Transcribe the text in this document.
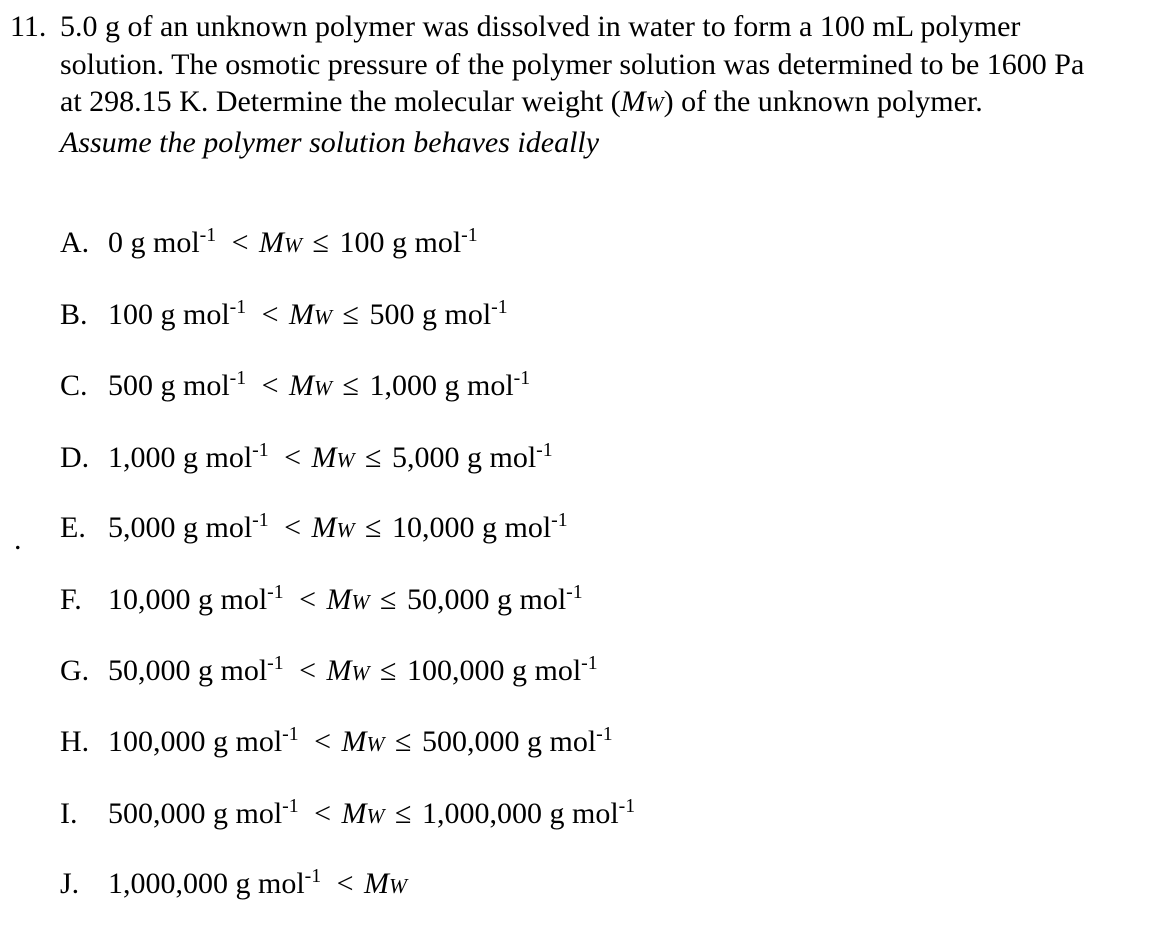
11. 5.0 g of an unknown polymer was dissolved in water to form a 100 mL polymer
solution. The osmotic pressure of the polymer solution was determined to be 1600 Pa
at 298.15 K. Determine the molecular weight (MW) of the unknown polymer.
Assume the polymer solution behaves ideally
.
A. 0 g mol$^{-1}$ < MW ≤ 100 g mol$^{-1}$
B. 100 g mol$^{-1}$ < MW ≤ 500 g mol$^{-1}$
C. 500 g mol$^{-1}$ < MW ≤ 1,000 g mol$^{-1}$
D. 1,000 g mol$^{-1}$ < MW ≤ 5,000 g mol$^{-1}$
E. 5,000 g mol$^{-1}$ < MW ≤ 10,000 g mol$^{-1}$
F. 10,000 g mol$^{-1}$ < MW ≤ 50,000 g mol$^{-1}$
G. 50,000 g mol$^{-1}$ < MW ≤ 100,000 g mol$^{-1}$
H. 100,000 g mol$^{-1}$ < MW ≤ 500,000 g mol$^{-1}$
I. 500,000 g mol$^{-1}$ < MW ≤ 1,000,000 g mol$^{-1}$
J. 1,000,000 g mol$^{-1}$ < MW
